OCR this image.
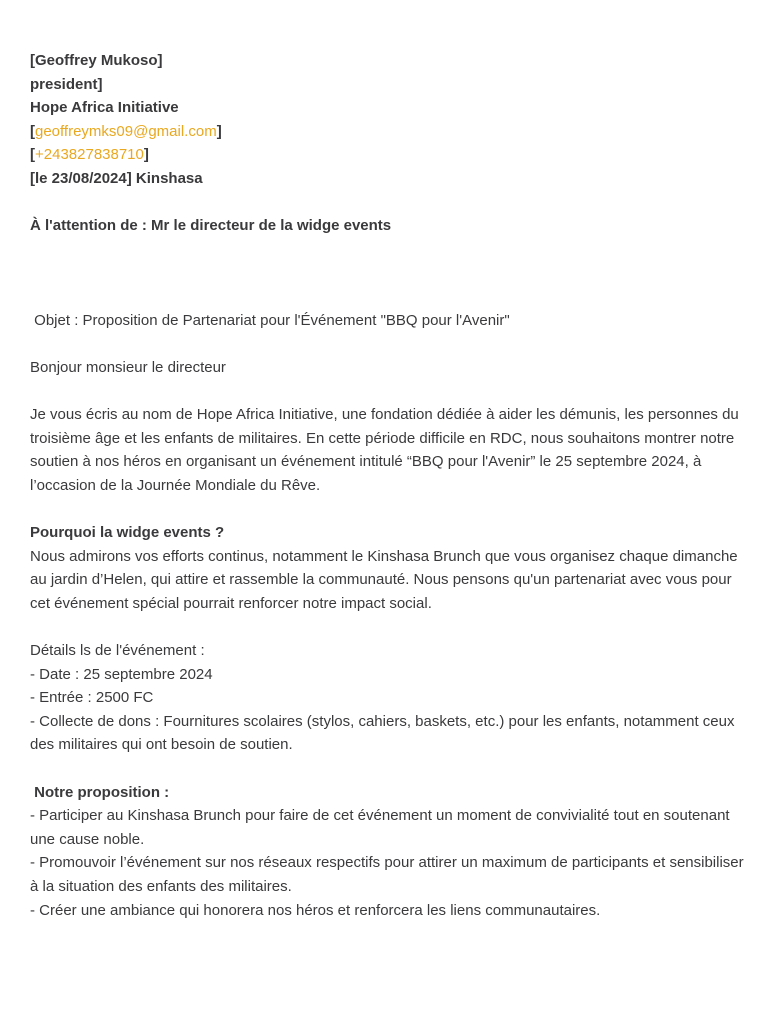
[Geoffrey Mukoso]
president]
Hope Africa Initiative
[geoffreymks09@gmail.com]
[+243827838710]
[le 23/08/2024] Kinshasa
À l'attention de : Mr le directeur de la widge events
Objet : Proposition de Partenariat pour l'Événement "BBQ pour l'Avenir"
Bonjour monsieur le directeur
Je vous écris au nom de Hope Africa Initiative, une fondation dédiée à aider les démunis, les personnes du troisième âge et les enfants de militaires. En cette période difficile en RDC, nous souhaitons montrer notre soutien à nos héros en organisant un événement intitulé “BBQ pour l'Avenir” le 25 septembre 2024, à l’occasion de la Journée Mondiale du Rêve.
Pourquoi la widge events ?
Nous admirons vos efforts continus, notamment le Kinshasa Brunch que vous organisez chaque dimanche au jardin d’Helen, qui attire et rassemble la communauté. Nous pensons qu'un partenariat avec vous pour cet événement spécial pourrait renforcer notre impact social.
Détails ls de l'événement :
- Date : 25 septembre 2024
- Entrée : 2500 FC
- Collecte de dons : Fournitures scolaires (stylos, cahiers, baskets, etc.) pour les enfants, notamment ceux des militaires qui ont besoin de soutien.
Notre proposition :
- Participer au Kinshasa Brunch pour faire de cet événement un moment de convivialité tout en soutenant une cause noble.
- Promouvoir l’événement sur nos réseaux respectifs pour attirer un maximum de participants et sensibiliser à la situation des enfants des militaires.
- Créer une ambiance qui honorera nos héros et renforcera les liens communautaires.
